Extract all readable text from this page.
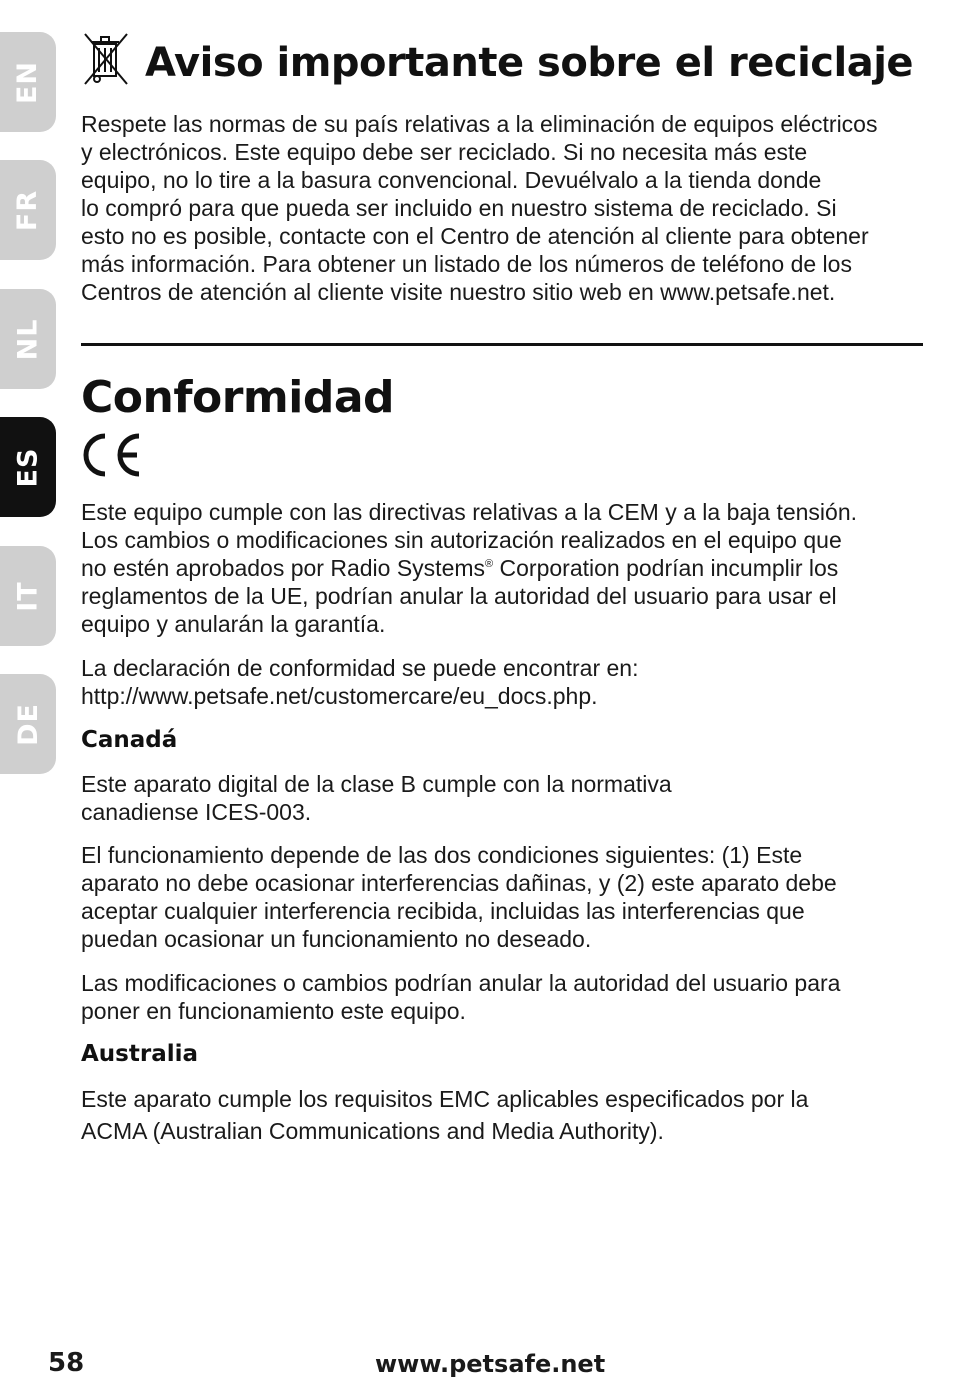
EN
FR
NL
ES
IT
DE
Aviso importante sobre el reciclaje

Respete las normas de su país relativas a la eliminación de equipos eléctricos

y electrónicos. Este equipo debe ser reciclado. Si no necesita más este

equipo, no lo tire a la basura convencional. Devuélvalo a la tienda donde

lo compró para que pueda ser incluido en nuestro sistema de reciclado. Si

esto no es posible, contacte con el Centro de atención al cliente para obtener

más información. Para obtener un listado de los números de teléfono de los

Centros de atención al cliente visite nuestro sitio web en www.petsafe.net.

Conformidad

Este equipo cumple con las directivas relativas a la CEM y a la baja tensión.

Los cambios o modificaciones sin autorización realizados en el equipo que

no estén aprobados por Radio Systems® Corporation podrían incumplir los

reglamentos de la UE, podrían anular la autoridad del usuario para usar el

equipo y anularán la garantía.

La declaración de conformidad se puede encontrar en:

http://www.petsafe.net/customercare/eu_docs.php.

Canadá

Este aparato digital de la clase B cumple con la normativa

canadiense ICES-003.

El funcionamiento depende de las dos condiciones siguientes: (1) Este

aparato no debe ocasionar interferencias dañinas, y (2) este aparato debe

aceptar cualquier interferencia recibida, incluidas las interferencias que

puedan ocasionar un funcionamiento no deseado.

Las modificaciones o cambios podrían anular la autoridad del usuario para

poner en funcionamiento este equipo.

Australia

Este aparato cumple los requisitos EMC aplicables especificados por la

ACMA (Australian Communications and Media Authority).

58	www.petsafe.net
